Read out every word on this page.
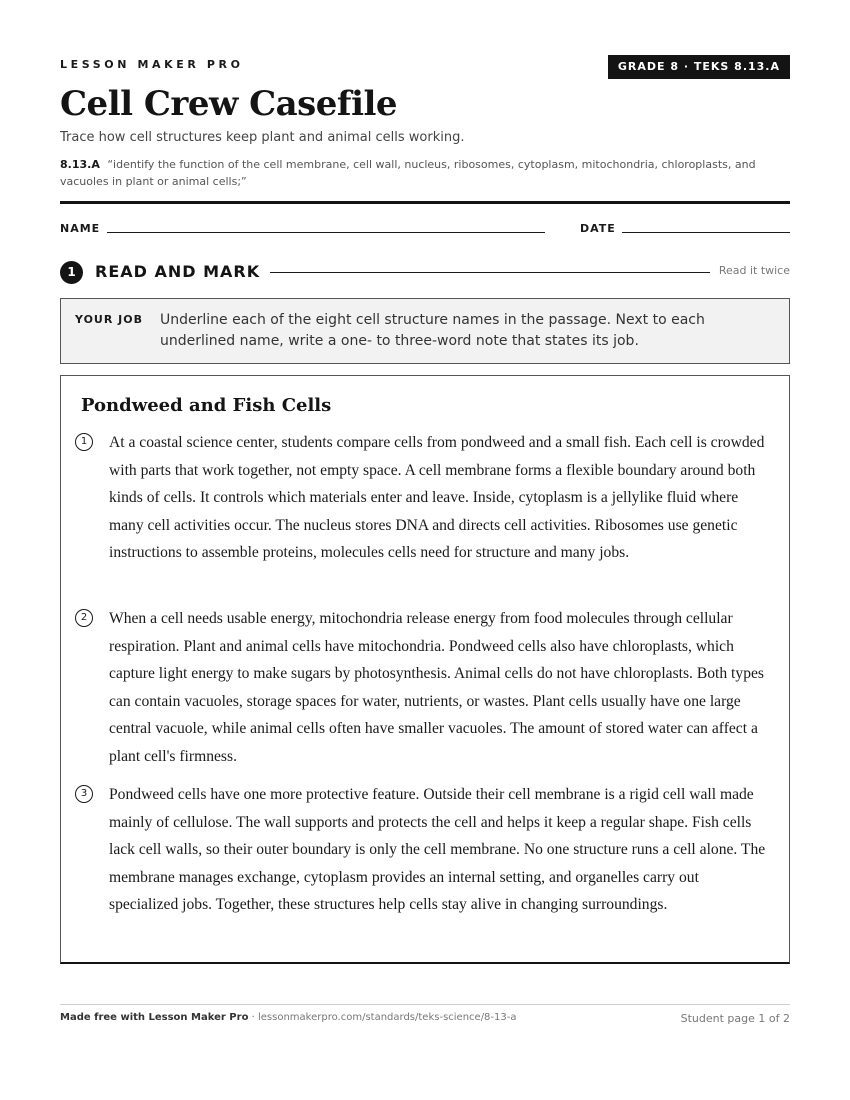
LESSON MAKER PRO	GRADE 8 · TEKS 8.13.A
Cell Crew Casefile
Trace how cell structures keep plant and animal cells working.
8.13.A “identify the function of the cell membrane, cell wall, nucleus, ribosomes, cytoplasm, mitochondria, chloroplasts, and vacuoles in plant or animal cells;”
NAME	DATE
1	READ AND MARK	Read it twice
YOUR JOB Underline each of the eight cell structure names in the passage. Next to each underlined name, write a one- to three-word note that states its job.
Pondweed and Fish Cells
1	At a coastal science center, students compare cells from pondweed and a small fish. Each cell is crowded with parts that work together, not empty space. A cell membrane forms a flexible boundary around both kinds of cells. It controls which materials enter and leave. Inside, cytoplasm is a jellylike fluid where many cell activities occur. The nucleus stores DNA and directs cell activities. Ribosomes use genetic instructions to assemble proteins, molecules cells need for structure and many jobs.
2	When a cell needs usable energy, mitochondria release energy from food molecules through cellular respiration. Plant and animal cells have mitochondria. Pondweed cells also have chloroplasts, which capture light energy to make sugars by photosynthesis. Animal cells do not have chloroplasts. Both types can contain vacuoles, storage spaces for water, nutrients, or wastes. Plant cells usually have one large central vacuole, while animal cells often have smaller vacuoles. The amount of stored water can affect a plant cell's firmness.
3	Pondweed cells have one more protective feature. Outside their cell membrane is a rigid cell wall made mainly of cellulose. The wall supports and protects the cell and helps it keep a regular shape. Fish cells lack cell walls, so their outer boundary is only the cell membrane. No one structure runs a cell alone. The membrane manages exchange, cytoplasm provides an internal setting, and organelles carry out specialized jobs. Together, these structures help cells stay alive in changing surroundings.
Made free with Lesson Maker Pro · lessonmakerpro.com/standards/teks-science/8-13-a	Student page 1 of 2
